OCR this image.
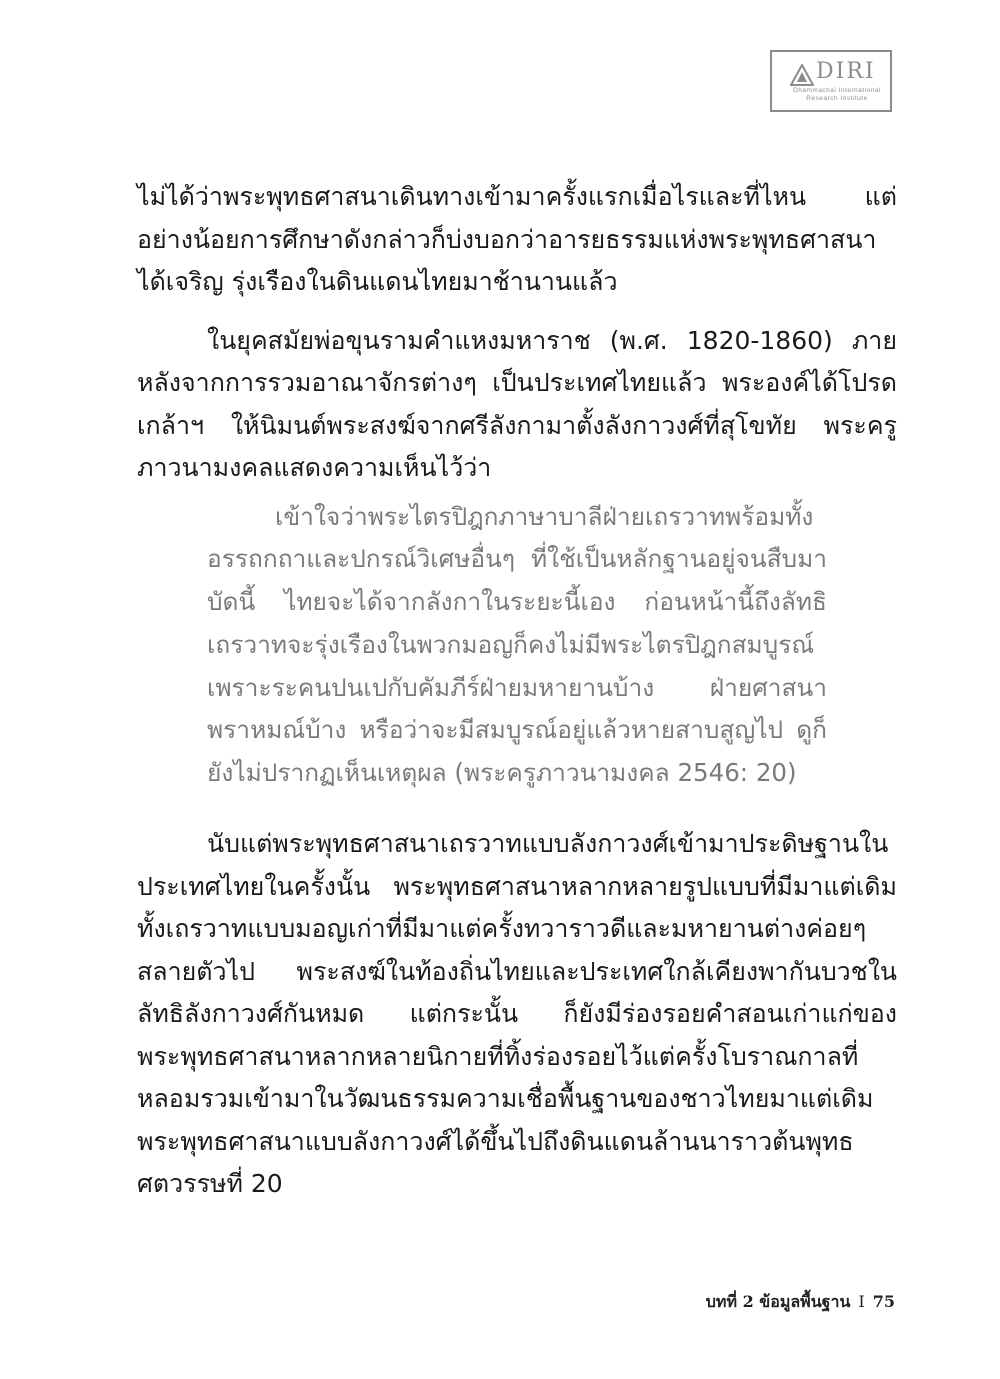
DIRI
Dhammachai International
Research Institute

ไม่ได้ว่าพระพุทธศาสนาเดินทางเข้ามาครั้งแรกเมื่อไรและที่ไหน แต่อย่างน้อยการศึกษาดังกล่าวก็บ่งบอกว่าอารยธรรมแห่งพระพุทธศาสนาได้เจริญ รุ่งเรืองในดินแดนไทยมาช้านานแล้ว

ในยุคสมัยพ่อขุนรามคำแหงมหาราช (พ.ศ. 1820-1860) ภายหลังจากการรวมอาณาจักรต่างๆ เป็นประเทศไทยแล้ว พระองค์ได้โปรดเกล้าฯ ให้นิมนต์พระสงฆ์จากศรีลังกามาตั้งลังกาวงศ์ที่สุโขทัย พระครูภาวนามงคลแสดงความเห็นไว้ว่า

เข้าใจว่าพระไตรปิฎกภาษาบาลีฝ่ายเถรวาทพร้อมทั้งอรรถกถาและปกรณ์วิเศษอื่นๆ ที่ใช้เป็นหลักฐานอยู่จนสืบมาบัดนี้ ไทยจะได้จากลังกาในระยะนี้เอง ก่อนหน้านี้ถึงลัทธิเถรวาทจะรุ่งเรืองในพวกมอญก็คงไม่มีพระไตรปิฎกสมบูรณ์ เพราะระคนปนเปกับคัมภีร์ฝ่ายมหายานบ้าง ฝ่ายศาสนาพราหมณ์บ้าง หรือว่าจะมีสมบูรณ์อยู่แล้วหายสาบสูญไป ดูก็ยังไม่ปรากฏเห็นเหตุผล (พระครูภาวนามงคล 2546: 20)

นับแต่พระพุทธศาสนาเถรวาทแบบลังกาวงศ์เข้ามาประดิษฐานในประเทศไทยในครั้งนั้น พระพุทธศาสนาหลากหลายรูปแบบที่มีมาแต่เดิม ทั้งเถรวาทแบบมอญเก่าที่มีมาแต่ครั้งทวาราวดีและมหายานต่างค่อยๆ สลายตัวไป พระสงฆ์ในท้องถิ่นไทยและประเทศใกล้เคียงพากันบวชในลัทธิลังกาวงศ์กันหมด แต่กระนั้น ก็ยังมีร่องรอยคำสอนเก่าแก่ของพระพุทธศาสนาหลากหลายนิกายที่ทิ้งร่องรอยไว้แต่ครั้งโบราณกาลที่หลอมรวมเข้ามาในวัฒนธรรมความเชื่อพื้นฐานของชาวไทยมาแต่เดิม พระพุทธศาสนาแบบลังกาวงศ์ได้ขึ้นไปถึงดินแดนล้านนาราวต้นพุทธศตวรรษที่ 20

บทที่ 2 ข้อมูลพื้นฐาน I 75
